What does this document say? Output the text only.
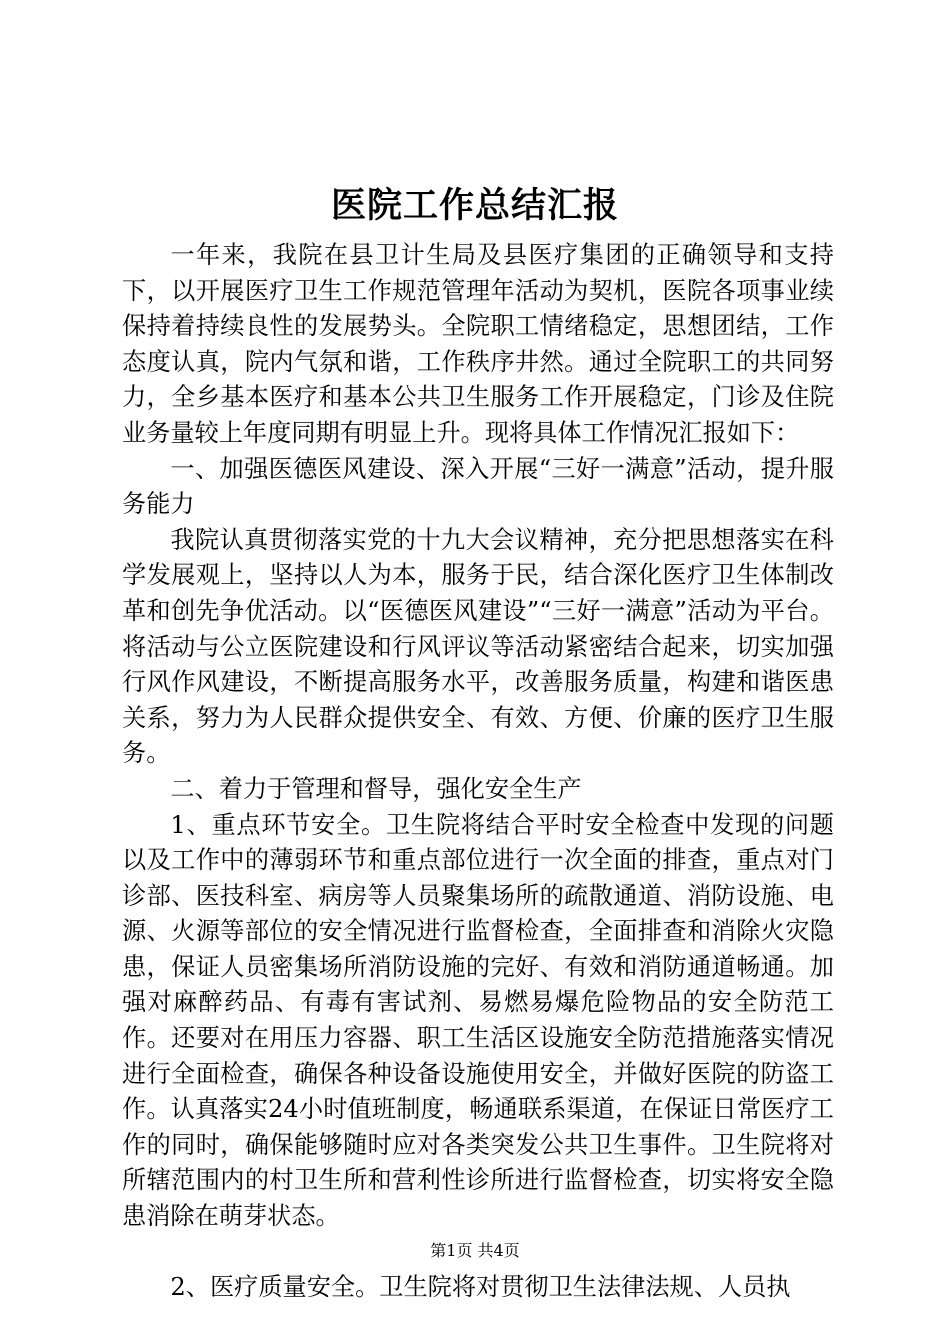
医院工作总结汇报

一年来，我院在县卫计生局及县医疗集团的正确领导和支持下，以开展医疗卫生工作规范管理年活动为契机，医院各项事业续保持着持续良性的发展势头。全院职工情绪稳定，思想团结，工作态度认真，院内气氛和谐，工作秩序井然。通过全院职工的共同努力，全乡基本医疗和基本公共卫生服务工作开展稳定，门诊及住院业务量较上年度同期有明显上升。现将具体工作情况汇报如下：

一、加强医德医风建设、深入开展“三好一满意”活动，提升服务能力

我院认真贯彻落实党的十九大会议精神，充分把思想落实在科学发展观上，坚持以人为本，服务于民，结合深化医疗卫生体制改革和创先争优活动。以“医德医风建设”“三好一满意”活动为平台。将活动与公立医院建设和行风评议等活动紧密结合起来，切实加强行风作风建设，不断提高服务水平，改善服务质量，构建和谐医患关系，努力为人民群众提供安全、有效、方便、价廉的医疗卫生服务。

二、着力于管理和督导，强化安全生产

1、重点环节安全。卫生院将结合平时安全检查中发现的问题以及工作中的薄弱环节和重点部位进行一次全面的排查，重点对门诊部、医技科室、病房等人员聚集场所的疏散通道、消防设施、电源、火源等部位的安全情况进行监督检查，全面排查和消除火灾隐患，保证人员密集场所消防设施的完好、有效和消防通道畅通。加强对麻醉药品、有毒有害试剂、易燃易爆危险物品的安全防范工作。还要对在用压力容器、职工生活区设施安全防范措施落实情况进行全面检查，确保各种设备设施使用安全，并做好医院的防盗工作。认真落实24小时值班制度，畅通联系渠道，在保证日常医疗工作的同时，确保能够随时应对各类突发公共卫生事件。卫生院将对所辖范围内的村卫生所和营利性诊所进行监督检查，切实将安全隐患消除在萌芽状态。

2、医疗质量安全。卫生院将对贯彻卫生法律法规、人员执

第1页 共4页
